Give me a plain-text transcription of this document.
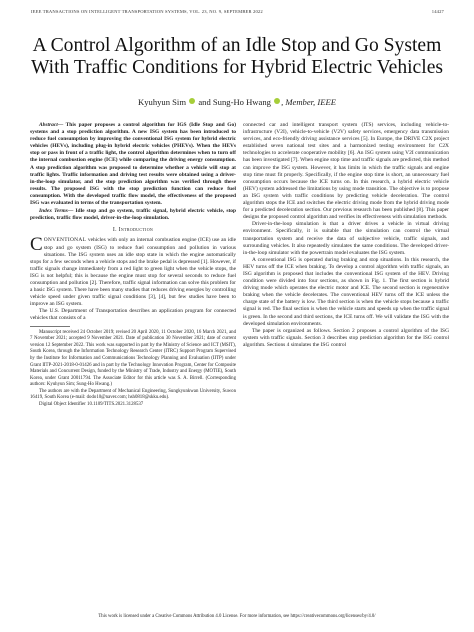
IEEE TRANSACTIONS ON INTELLIGENT TRANSPORTATION SYSTEMS, VOL. 23, NO. 9, SEPTEMBER 2022	14427
A Control Algorithm of an Idle Stop and Go System With Traffic Conditions for Hybrid Electric Vehicles
Kyuhyun Sim and Sung-Ho Hwang , Member, IEEE

Abstract— This paper proposes a control algorithm for IGS (Idle Stop and Go) systems and a stop prediction algorithm. A new ISG system has been introduced to reduce fuel consumption by improving the conventional ISG system for hybrid electric vehicles (HEVs), including plug-in hybrid electric vehicles (PHEVs). When the HEVs stop or pass in front of a traffic light, the control algorithm determines when to turn off the internal combustion engine (ICE) while comparing the driving energy consumption. A stop prediction algorithm was proposed to determine whether a vehicle will stop at traffic lights. Traffic information and driving test results were obtained using a driver-in-the-loop simulator, and the stop prediction algorithm was verified through these results. The proposed ISG with the stop prediction function can reduce fuel consumption. With the developed traffic flow model, the effectiveness of the proposed ISG was evaluated in terms of the transportation system.

Index Terms— Idle stop and go system, traffic signal, hybrid electric vehicle, stop prediction, traffic flow model, driver-in-the-loop simulation.

I. Introduction

CONVENTIONAL vehicles with only an internal combustion engine (ICE) use an idle stop and go system (ISG) to reduce fuel consumption and pollution in various situations. The ISG system uses an idle stop state in which the engine automatically stops for a few seconds when a vehicle stops and the brake pedal is depressed [1]. However, if traffic signals change immediately from a red light to green light when the vehicle stops, the ISG is not helpful; this is because the engine must stop for several seconds to reduce fuel consumption and pollution [2]. Therefore, traffic signal information can solve this problem for a basic ISG system. There have been many studies that reduces driving energies by controlling vehicle speed under given traffic signal conditions [3], [4], but few studies have been to improve an ISG system.

The U.S. Department of Transportation describes an application program for connected vehicles that consists of a

Manuscript received 24 October 2019; revised 20 April 2020, 11 October 2020, 16 March 2021, and 7 November 2021; accepted 9 November 2021. Date of publication 30 November 2021; date of current version 12 September 2022. This work was supported in part by the Ministry of Science and ICT (MSIT), South Korea, through the Information Technology Research Center (ITRC) Support Program Supervised by the Institute for Information and Communications Technology Planning and Evaluation (IITP) under Grant IITP-2021-2018-0-01426 and in part by the Technology Innovation Program, Center for Composite Materials and Concurrent Design, funded by the Ministry of Trade, Industry and Energy (MOTIE), South Korea, under Grant 20011794. The Associate Editor for this article was S. A. Birrell. (Corresponding authors: Kyuhyun Sim; Sung-Ho Hwang.)

The authors are with the Department of Mechanical Engineering, Sungkyunkwan University, Suwon 16419, South Korea (e-mail: dodo10@naver.com; hsh0818@skku.edu).

Digital Object Identifier 10.1109/TITS.2021.3128537

connected car and intelligent transport system (ITS) services, including vehicle-to-infrastructure (V2I), vehicle-to-vehicle (V2V) safety services, emergency data transmission services, and eco-friendly driving assistance services [5]. In Europe, the DRIVE C2X project established seven national test sites and a harmonized testing environment for C2X technologies to accelerate cooperative mobility [6]. An ISG system using V2I communication has been investigated [7]. When engine stop time and traffic signals are predicted, this method can improve the ISG system. However, it has limits in which the traffic signals and engine stop time must fit properly. Specifically, if the engine stop time is short, an unnecessary fuel consumption occurs because the ICE turns on. In this research, a hybrid electric vehicle (HEV) system addressed the limitations by using mode transition. The objective is to propose an ISG system with traffic conditions by predicting vehicle deceleration. The control algorithm stops the ICE and switches the electric driving mode from the hybrid driving mode for a predicted deceleration section. Our previous research has been published [8]. This paper designs the proposed control algorithm and verifies its effectiveness with simulation methods.

Driver-in-the-loop simulation is that a driver drives a vehicle in virtual driving environment. Specifically, it is suitable that the simulation can control the virtual transportation system and receive the data of subjective vehicle, traffic signals, and surrounding vehicles. It also repeatedly simulates the same conditions. The developed driver-in-the-loop simulator with the powertrain model evaluates the ISG system.

A conventional ISG is operated during braking and stop situations. In this research, the HEV turns off the ICE when braking. To develop a control algorithm with traffic signals, an ISG algorithm is proposed that includes the conventional ISG system of the HEV. Driving condition were divided into four sections, as shown in Fig. 1. The first section is hybrid driving mode which operates the electric motor and ICE. The second section is regenerative braking when the vehicle decelerates. The conventional HEV turns off the ICE unless the charge state of the battery is low. The third section is when the vehicle stops because a traffic signal is red. The final section is when the vehicle starts and speeds up when the traffic signal is green. In the second and third sections, the ICE turns off. We will validate the ISG with the developed simulation environments.

The paper is organized as follows. Section 2 proposes a control algorithm of the ISG system with traffic signals. Section 3 describes stop prediction algorithm for the ISG control algorithm. Sections 4 simulates the ISG control

This work is licensed under a Creative Commons Attribution 4.0 License. For more information, see https://creativecommons.org/licenses/by/4.0/
